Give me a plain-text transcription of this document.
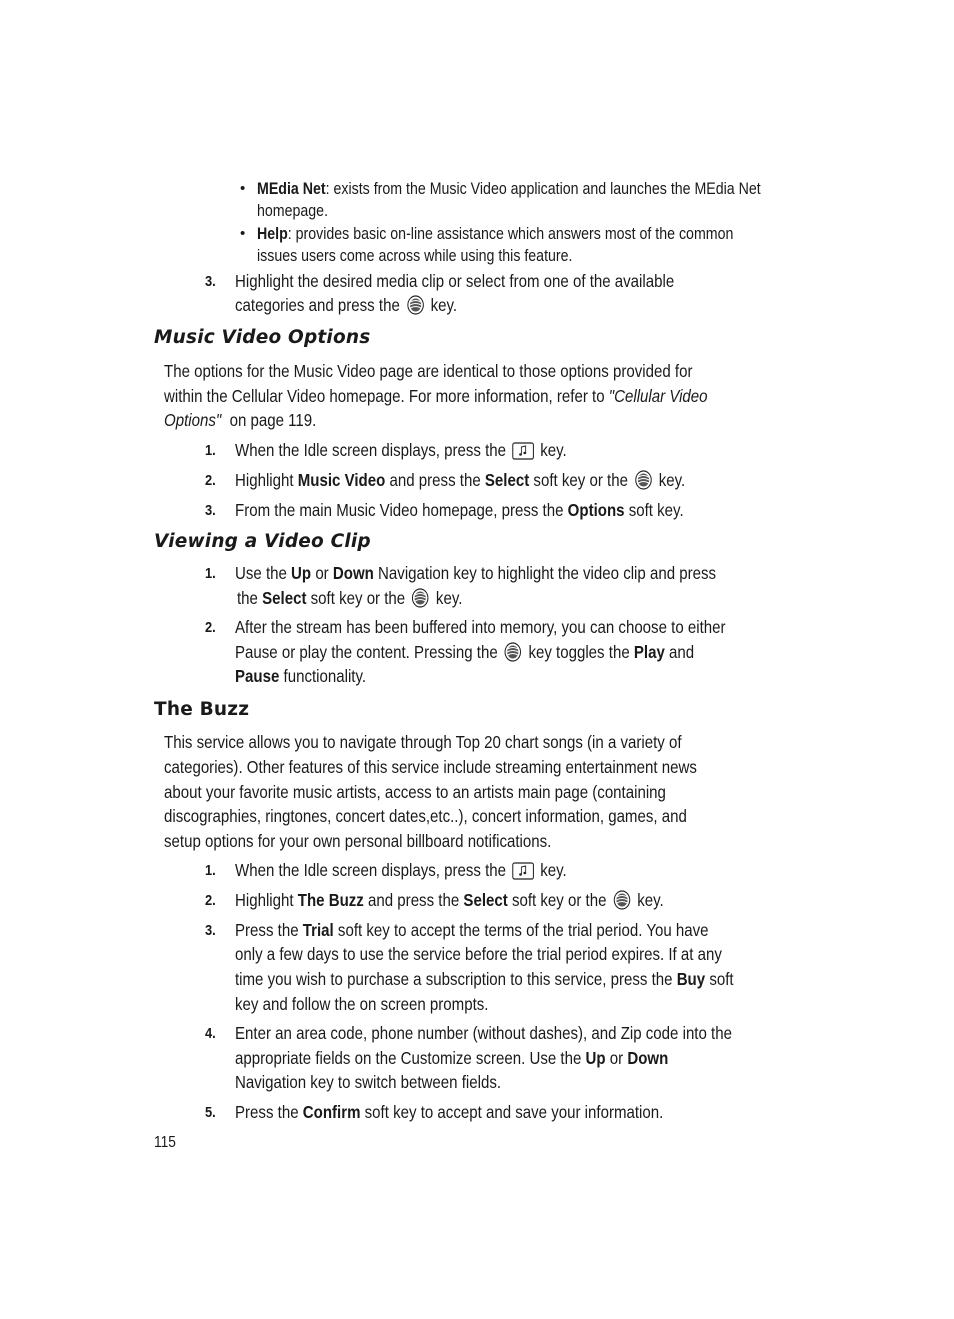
• MEdia Net: exists from the Music Video application and launches the MEdia Net
homepage.
• Help: provides basic on-line assistance which answers most of the common
issues users come across while using this feature.
3. Highlight the desired media clip or select from one of the available
categories and press the key.
Music Video Options
The options for the Music Video page are identical to those options provided for
within the Cellular Video homepage. For more information, refer to "Cellular Video
Options" on page 119.
1. When the Idle screen displays, press the key.
2. Highlight Music Video and press the Select soft key or the key.
3. From the main Music Video homepage, press the Options soft key.
Viewing a Video Clip
1. Use the Up or Down Navigation key to highlight the video clip and press
the Select soft key or the key.
2. After the stream has been buffered into memory, you can choose to either
Pause or play the content. Pressing the key toggles the Play and
Pause functionality.
The Buzz
This service allows you to navigate through Top 20 chart songs (in a variety of
categories). Other features of this service include streaming entertainment news
about your favorite music artists, access to an artists main page (containing
discographies, ringtones, concert dates,etc..), concert information, games, and
setup options for your own personal billboard notifications.
1. When the Idle screen displays, press the key.
2. Highlight The Buzz and press the Select soft key or the key.
3. Press the Trial soft key to accept the terms of the trial period. You have
only a few days to use the service before the trial period expires. If at any
time you wish to purchase a subscription to this service, press the Buy soft
key and follow the on screen prompts.
4. Enter an area code, phone number (without dashes), and Zip code into the
appropriate fields on the Customize screen. Use the Up or Down
Navigation key to switch between fields.
5. Press the Confirm soft key to accept and save your information.
115
